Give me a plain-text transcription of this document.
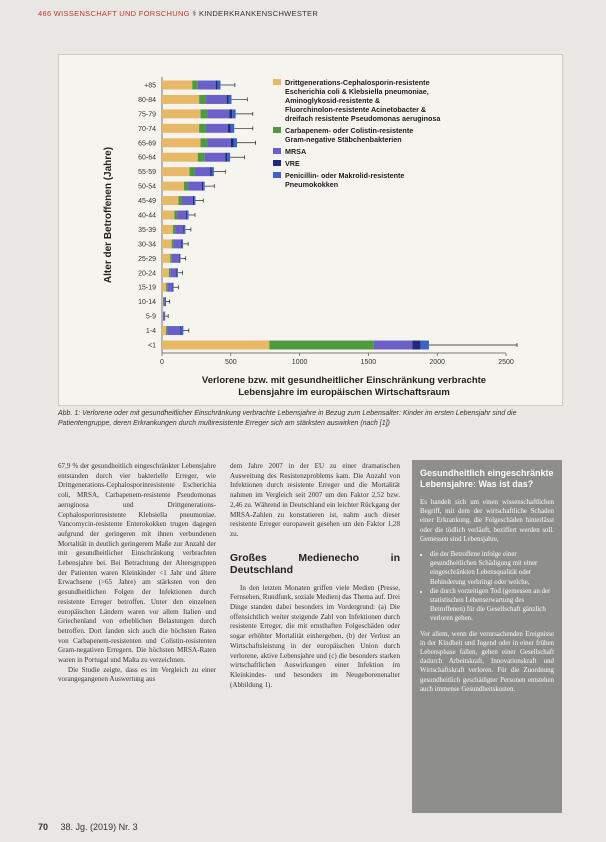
466 WISSENSCHAFT UND FORSCHUNG ⚕ KINDERKRANKENSCHWESTER
<1
1-4
5-9
10-14
15-19
20-24
25-29
30-34
35-39
40-44
45-49
50-54
55-59
60-64
65-69
70-74
75-79
80-84
+85
0	500	1000	1500	2000	2500
Alter der Betroffenen (Jahre)
Verlorene bzw. mit gesundheitlicher Einschränkung verbrachte
Lebensjahre im europäischen Wirtschaftsraum
Drittgenerations-Cephalosporin-resistente
Escherichia coli & Klebsiella pneumoniae,
Aminoglykosid-resistente &
Fluorchinolon-resistente Acinetobacter &
dreifach resistente Pseudomonas aeruginosa
Carbapenem- oder Colistin-resistente
Gram-negative Stäbchenbakterien
MRSA
VRE
Penicillin- oder Makrolid-resistente
Pneumokokken
Abb. 1: Verlorene oder mit gesundheitlicher Einschränkung verbrachte Lebensjahre in Bezug zum Lebensalter: Kinder im ersten Lebensjahr sind die Patientengruppe, deren Erkrankungen durch multiresistente Erreger sich am stärksten auswirken (nach [1])

67,9 % der gesundheitlich eingeschränkter Lebensjahre entstanden durch vier bakterielle Erreger, wie Drittgenerations-Cephalosporinresistente Escherichia coli, MRSA, Carbapenem-resistente Pseudomonas aeruginosa und Drittgenerations-Cephalosporinresistente Klebsiella pneumoniae. Vancomycin-resistente Enterokokken trugen dagegen aufgrund der geringeren mit ihnen verbundenen Mortalität in deutlich geringerem Maße zur Anzahl der mit gesundheitlicher Einschränkung verbrachten Lebensjahre bei. Bei Betrachtung der Altersgruppen der Patienten waren Kleinkinder <1 Jahr und ältere Erwachsene (>65 Jahre) am stärksten von den gesundheitlichen Folgen der Infektionen durch resistente Erreger betroffen. Unter den einzelnen europäischen Ländern waren vor allem Italien und Griechenland von erheblichen Belastungen durch betroffen. Dort fanden sich auch die höchsten Raten von Carbapenem-resistenten und Colistin-resistenten Gram-negativen Erregern. Die höchsten MRSA-Raten waren in Portugal und Malta zu verzeichnen.

Die Studie zeigte, dass es im Vergleich zu einer vorangegangenen Auswertung aus

dem Jahre 2007 in der EU zu einer dramatischen Ausweitung des Resistenzproblems kam. Die Anzahl von Infektionen durch resistente Erreger und die Mortalität nahmen im Vergleich seit 2007 um den Faktor 2,52 bzw. 2,46 zu. Während in Deutschland ein leichter Rückgang der MRSA-Zahlen zu konstatieren ist, nahm auch dieser resistente Erreger europaweit gesehen um den Faktor 1,28 zu.

Großes Medienecho in Deutschland

In den letzten Monaten griffen viele Medien (Presse, Fernsehen, Rundfunk, soziale Medien) das Thema auf. Drei Dinge standen dabei besonders im Vordergrund: (a) Die offensichtlich weiter steigende Zahl von Infektionen durch resistente Erreger, die mit ernsthaften Folgeschäden oder sogar erhöhter Mortalität einhergehen, (b) der Verlust an Wirtschaftsleistung in der europäischen Union durch verlorene, aktive Lebensjahre und (c) die besonders starken wirtschaftlichen Auswirkungen einer Infektion im Kleinkindes- und besonders im Neugeborenenalter (Abbildung 1).

Gesundheitlich eingeschränkte Lebensjahre: Was ist das?
Es handelt sich um einen wissenschaftlichen Begriff, mit dem der wirtschaftliche Schaden einer Erkrankung, die Folgeschäden hinterlässt oder die tödlich verläuft, beziffert werden soll. Gemessen sind Lebensjahre,
• die der Betroffene infolge einer gesundheitlichen Schädigung mit einer eingeschränkten Lebensqualität oder Behinderung verbringt oder welche,
• die durch vorzeitigen Tod (gemessen an der statistischen Lebenserwartung des Betroffenen) für die Gesellschaft gänzlich verloren gehen.
Vor allem, wenn die verursachenden Ereignisse in der Kindheit und Jugend oder in einer frühen Lebensphase fallen, gehen einer Gesellschaft dadurch Arbeitskraft, Innovationskraft und Wirtschaftskraft verloren. Für die Zuordnung gesundheitlich geschädigter Personen entstehen auch immense Gesundheitskosten.
70 38. Jg. (2019) Nr. 3
